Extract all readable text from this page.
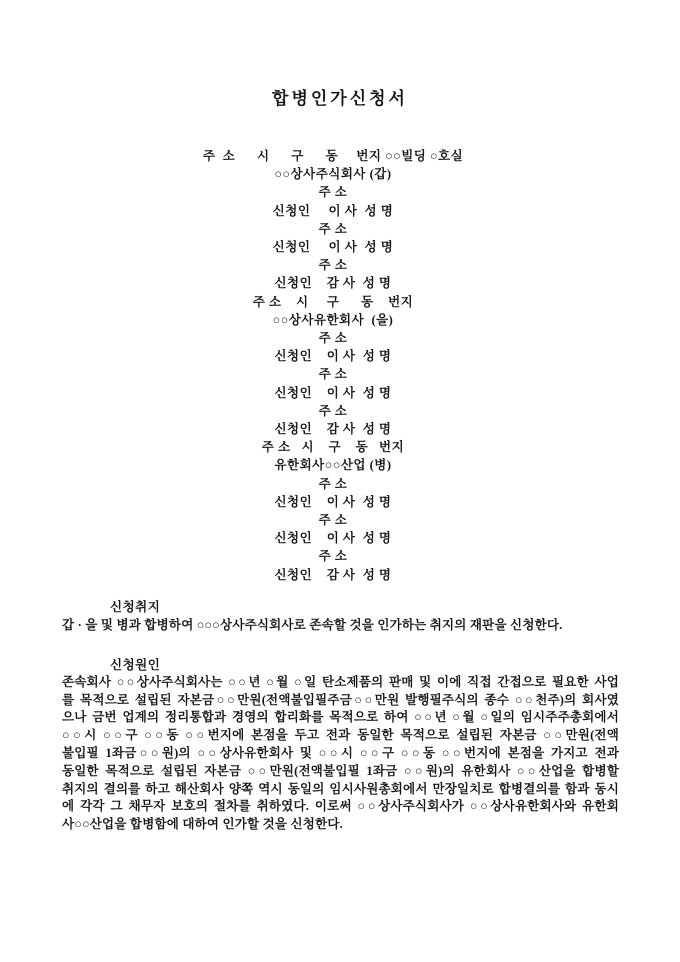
합병인가신청서
주  소      시      구      동     번지 ○○빌딩 ○호실
○○상사주식회사 (갑)
주 소
신청인     이 사  성 명
주 소
신청인     이 사  성 명
주 소
신청인    감 사  성 명
주 소    시     구      동    번지
○○상사유한회사  (을)
주 소
신청인    이 사  성 명
주 소
신청인    이 사  성 명
주 소
신청인    감 사  성 명
주 소   시    구    동   번지
유한회사○○산업 (병)
주 소
신청인    이 사  성 명
주 소
신청인    이 사  성 명
주 소
신청인    감 사  성 명
신청취지

갑 · 을 및 병과 합병하여 ○○○상사주식회사로 존속할 것을 인가하는 취지의 재판을 신청한다.

신청원인
존속회사 ○○상사주식회사는 ○○년 ○월 ○일 탄소제품의 판매 및 이에 직접 간접으로 필요한 사업
를 목적으로 설립된 자본금○○만원(전액불입필주금○○만원 발행필주식의 종수 ○○천주)의 회사였
으나 금번 업계의 정리통합과 경영의 합리화를 목적으로 하여 ○○년 ○월 ○일의 임시주주총회에서
○○시 ○○구 ○○동 ○○번지에 본점을 두고 전과 동일한 목적으로 설립된 자본금 ○○만원(전액
불입필 1좌금○○원)의 ○○상사유한회사 및 ○○시 ○○구 ○○동 ○○번지에 본점을 가지고 전과
동일한 목적으로 설립된 자본금 ○○만원(전액불입필 1좌금 ○○원)의 유한회사 ○○산업을 합병할
취지의 결의를 하고 해산회사 양쪽 역시 동일의 임시사원총회에서 만장일치로 합병결의를 함과 동시
에 각각 그 채무자 보호의 절차를 취하였다. 이로써 ○○상사주식회사가 ○○상사유한회사와 유한회
사○○산업을 합병함에 대하여 인가할 것을 신청한다.
